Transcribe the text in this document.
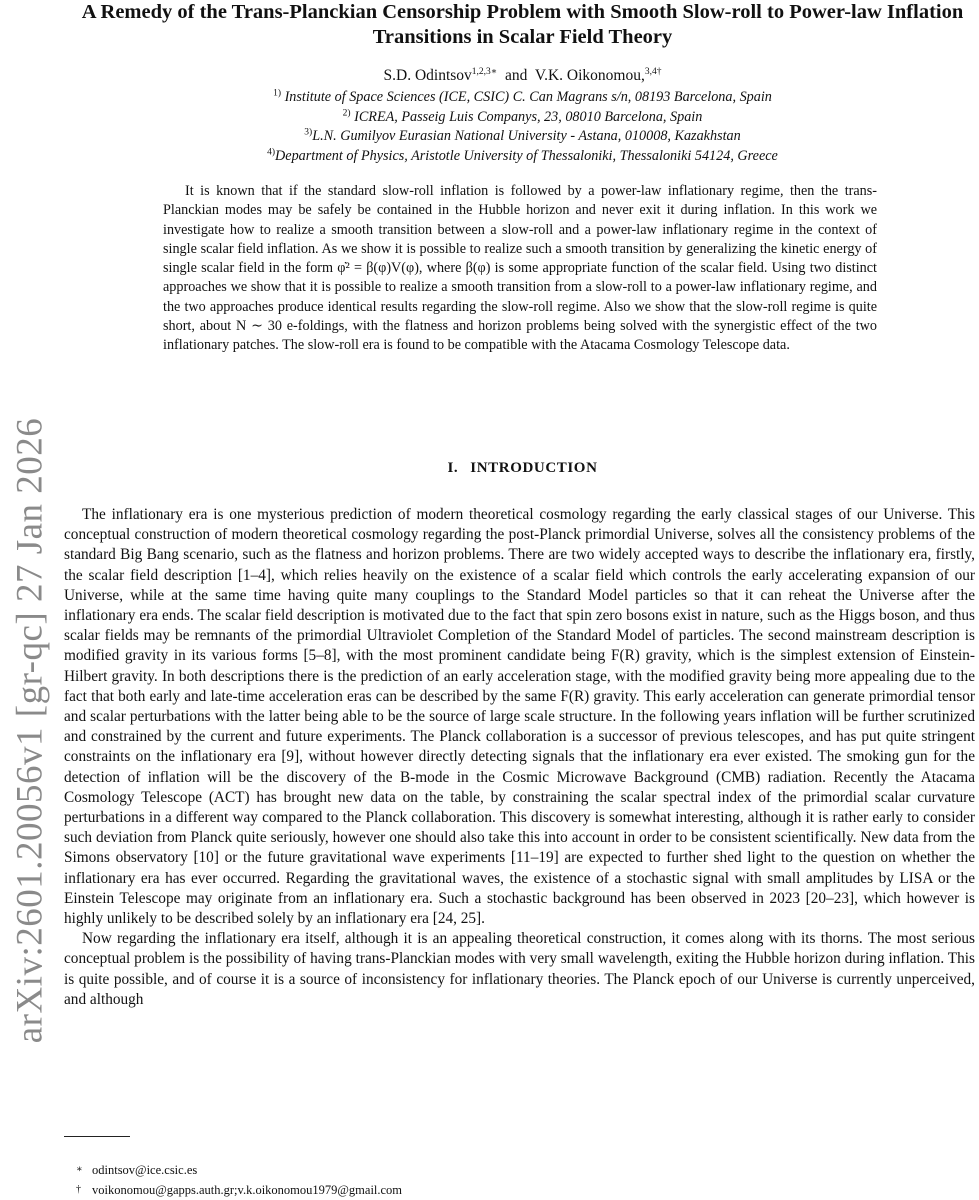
arXiv:2601.20056v1 [gr-qc] 27 Jan 2026
A Remedy of the Trans-Planckian Censorship Problem with Smooth Slow-roll to Power-law Inflation Transitions in Scalar Field Theory
S.D. Odintsov$^{1,2,3∗}$ and V.K. Oikonomou,$^{3,4\dagger}$
$^{1)}$ Institute of Space Sciences (ICE, CSIC) C. Can Magrans s/n, 08193 Barcelona, Spain
$^{2)}$ ICREA, Passeig Luis Companys, 23, 08010 Barcelona, Spain
$^{3)}$L.N. Gumilyov Eurasian National University - Astana, 010008, Kazakhstan
$^{4)}$Department of Physics, Aristotle University of Thessaloniki, Thessaloniki 54124, Greece

It is known that if the standard slow-roll inflation is followed by a power-law inflationary regime, then the trans-Planckian modes may be safely be contained in the Hubble horizon and never exit it during inflation. In this work we investigate how to realize a smooth transition between a slow-roll and a power-law inflationary regime in the context of single scalar field inflation. As we show it is possible to realize such a smooth transition by generalizing the kinetic energy of single scalar field in the form φ̇² = β(φ)V(φ), where β(φ) is some appropriate function of the scalar field. Using two distinct approaches we show that it is possible to realize a smooth transition from a slow-roll to a power-law inflationary regime, and the two approaches produce identical results regarding the slow-roll regime. Also we show that the slow-roll regime is quite short, about N ∼ 30 e-foldings, with the flatness and horizon problems being solved with the synergistic effect of the two inflationary patches. The slow-roll era is found to be compatible with the Atacama Cosmology Telescope data.

I. INTRODUCTION

The inflationary era is one mysterious prediction of modern theoretical cosmology regarding the early classical stages of our Universe. This conceptual construction of modern theoretical cosmology regarding the post-Planck primordial Universe, solves all the consistency problems of the standard Big Bang scenario, such as the flatness and horizon problems. There are two widely accepted ways to describe the inflationary era, firstly, the scalar field description [1–4], which relies heavily on the existence of a scalar field which controls the early accelerating expansion of our Universe, while at the same time having quite many couplings to the Standard Model particles so that it can reheat the Universe after the inflationary era ends. The scalar field description is motivated due to the fact that spin zero bosons exist in nature, such as the Higgs boson, and thus scalar fields may be remnants of the primordial Ultraviolet Completion of the Standard Model of particles. The second mainstream description is modified gravity in its various forms [5–8], with the most prominent candidate being F(R) gravity, which is the simplest extension of Einstein-Hilbert gravity. In both descriptions there is the prediction of an early acceleration stage, with the modified gravity being more appealing due to the fact that both early and late-time acceleration eras can be described by the same F(R) gravity. This early acceleration can generate primordial tensor and scalar perturbations with the latter being able to be the source of large scale structure. In the following years inflation will be further scrutinized and constrained by the current and future experiments. The Planck collaboration is a successor of previous telescopes, and has put quite stringent constraints on the inflationary era [9], without however directly detecting signals that the inflationary era ever existed. The smoking gun for the detection of inflation will be the discovery of the B-mode in the Cosmic Microwave Background (CMB) radiation. Recently the Atacama Cosmology Telescope (ACT) has brought new data on the table, by constraining the scalar spectral index of the primordial scalar curvature perturbations in a different way compared to the Planck collaboration. This discovery is somewhat interesting, although it is rather early to consider such deviation from Planck quite seriously, however one should also take this into account in order to be consistent scientifically. New data from the Simons observatory [10] or the future gravitational wave experiments [11–19] are expected to further shed light to the question on whether the inflationary era has ever occurred. Regarding the gravitational waves, the existence of a stochastic signal with small amplitudes by LISA or the Einstein Telescope may originate from an inflationary era. Such a stochastic background has been observed in 2023 [20–23], which however is highly unlikely to be described solely by an inflationary era [24, 25].

Now regarding the inflationary era itself, although it is an appealing theoretical construction, it comes along with its thorns. The most serious conceptual problem is the possibility of having trans-Planckian modes with very small wavelength, exiting the Hubble horizon during inflation. This is quite possible, and of course it is a source of inconsistency for inflationary theories. The Planck epoch of our Universe is currently unperceived, and although

∗ odintsov@ice.csic.es
† voikonomou@gapps.auth.gr;v.k.oikonomou1979@gmail.com
